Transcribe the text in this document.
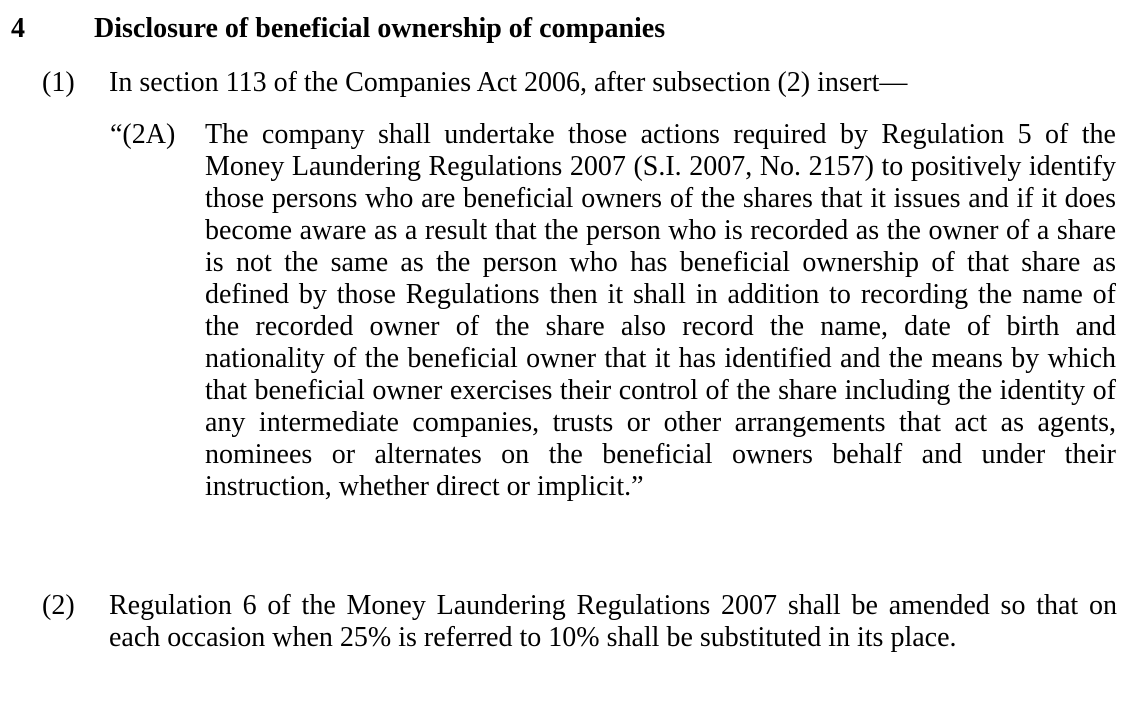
4 Disclosure of beneficial ownership of companies
(1) In section 113 of the Companies Act 2006, after subsection (2) insert—
“(2A) The company shall undertake those actions required by Regulation 5 of the Money Laundering Regulations 2007 (S.I. 2007, No. 2157) to positively identify those persons who are beneficial owners of the shares that it issues and if it does become aware as a result that the person who is recorded as the owner of a share is not the same as the person who has beneficial ownership of that share as defined by those Regulations then it shall in addition to recording the name of the recorded owner of the share also record the name, date of birth and nationality of the beneficial owner that it has identified and the means by which that beneficial owner exercises their control of the share including the identity of any intermediate companies, trusts or other arrangements that act as agents, nominees or alternates on the beneficial owners behalf and under their instruction, whether direct or implicit.”
(2) Regulation 6 of the Money Laundering Regulations 2007 shall be amended so that on each occasion when 25% is referred to 10% shall be substituted in its place.
